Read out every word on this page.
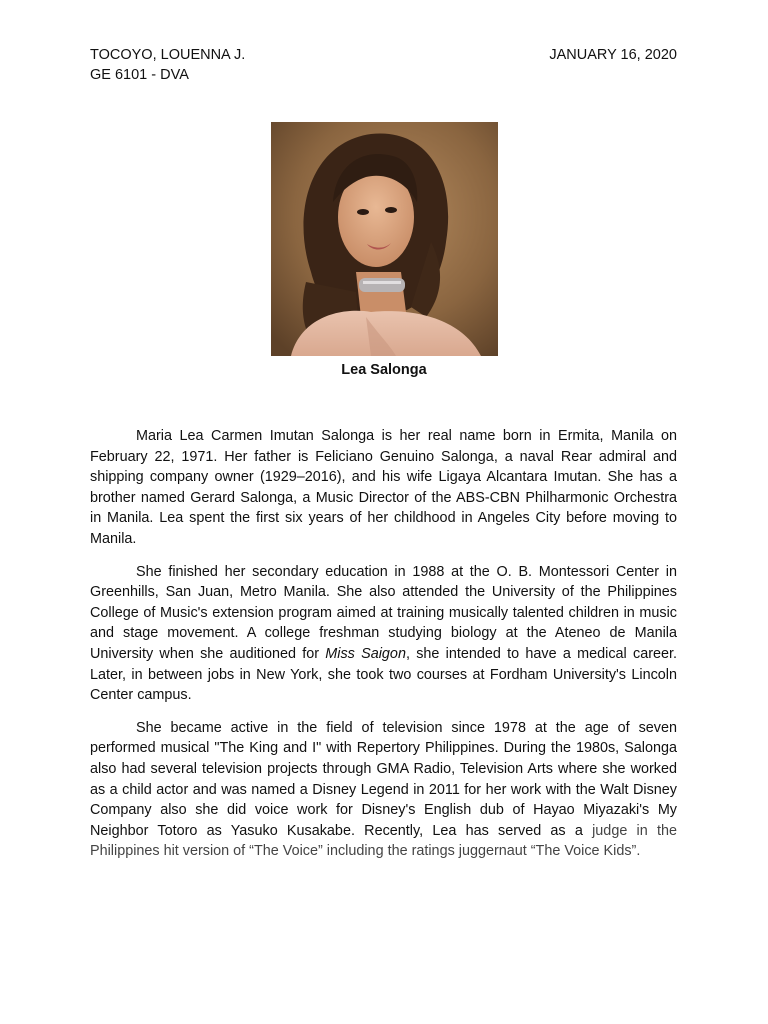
TOCOYO, LOUENNA J.
GE 6101 - DVA
JANUARY 16, 2020
Lea Salonga

Maria Lea Carmen Imutan Salonga is her real name born in Ermita, Manila on February 22, 1971. Her father is Feliciano Genuino Salonga, a naval Rear admiral and shipping company owner (1929–2016), and his wife Ligaya Alcantara Imutan. She has a brother named Gerard Salonga, a Music Director of the ABS-CBN Philharmonic Orchestra in Manila. Lea spent the first six years of her childhood in Angeles City before moving to Manila.

She finished her secondary education in 1988 at the O. B. Montessori Center in Greenhills, San Juan, Metro Manila. She also attended the University of the Philippines College of Music's extension program aimed at training musically talented children in music and stage movement. A college freshman studying biology at the Ateneo de Manila University when she auditioned for Miss Saigon, she intended to have a medical career. Later, in between jobs in New York, she took two courses at Fordham University's Lincoln Center campus.

She became active in the field of television since 1978 at the age of seven performed musical "The King and I" with Repertory Philippines. During the 1980s, Salonga also had several television projects through GMA Radio, Television Arts where she worked as a child actor and was named a Disney Legend in 2011 for her work with the Walt Disney Company also she did voice work for Disney's English dub of Hayao Miyazaki's My Neighbor Totoro as Yasuko Kusakabe. Recently, Lea has served as a judge in the Philippines hit version of “The Voice” including the ratings juggernaut “The Voice Kids”.
